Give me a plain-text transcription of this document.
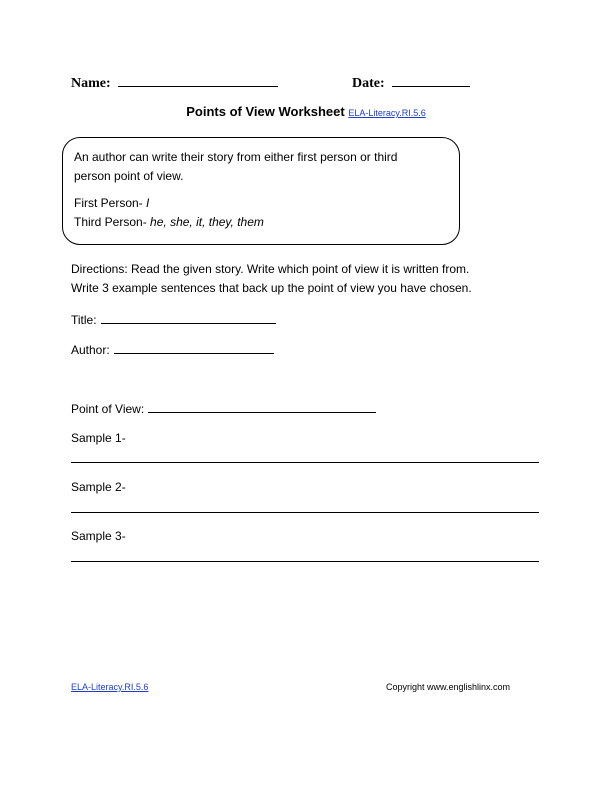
Name:	Date:
Points of View Worksheet ELA-Literacy.RI.5.6

An author can write their story from either first person or third

person point of view.

First Person- I

Third Person- he, she, it, they, them

Directions: Read the given story. Write which point of view it is written from.
Write 3 example sentences that back up the point of view you have chosen.
Title:
Author:
Point of View:
Sample 1-
Sample 2-
Sample 3-
ELA-Literacy.RI.5.6	Copyright www.englishlinx.com
